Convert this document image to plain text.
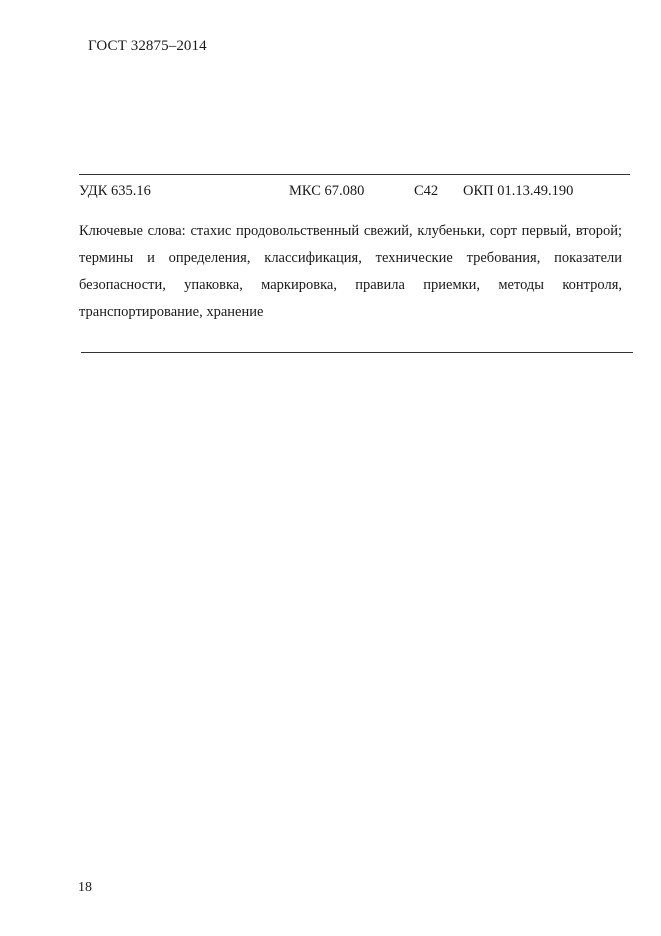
ГОСТ 32875–2014
УДК 635.16	МКС 67.080	С42 ОКП 01.13.49.190

Ключевые слова: стахис продовольственный свежий, клубеньки, сорт первый, второй; термины и определения, классификация, технические требования, показатели безопасности, упаковка, маркировка, правила приемки, методы контроля, транспортирование, хранение

18
